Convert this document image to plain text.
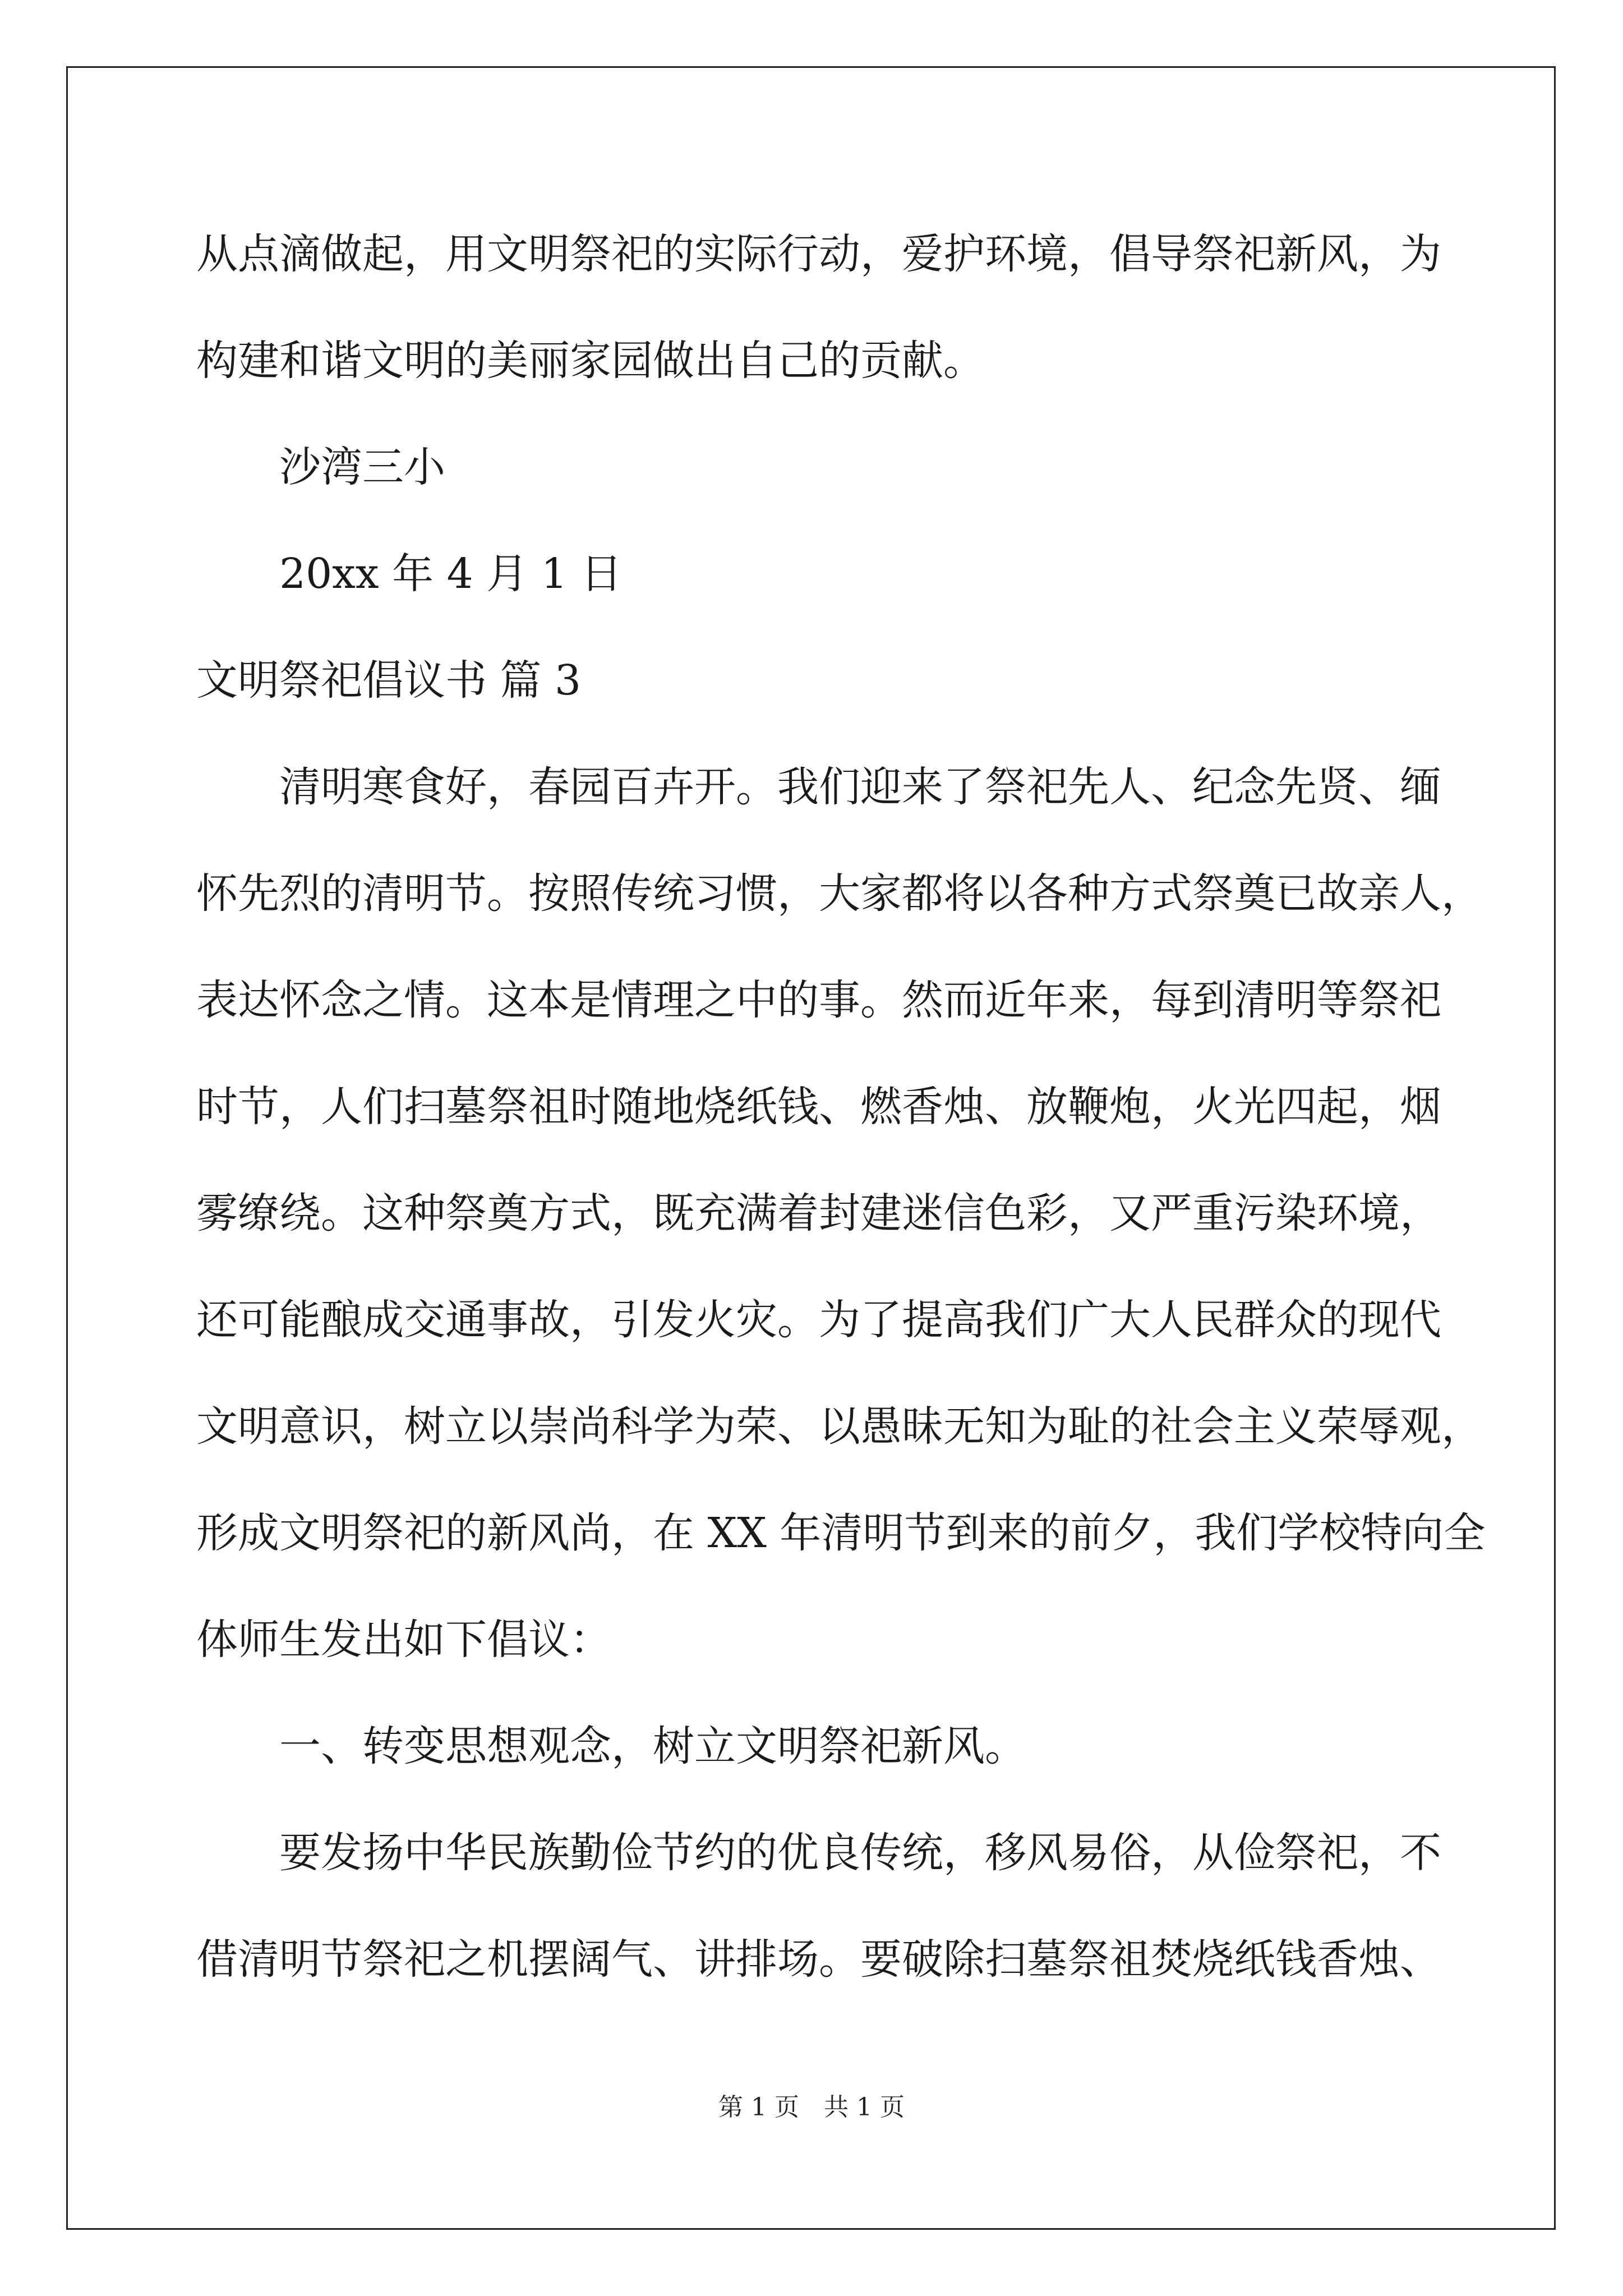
从点滴做起，用文明祭祀的实际行动，爱护环境，倡导祭祀新风，为
构建和谐文明的美丽家园做出自己的贡献。
沙湾三小
20xx 年 4 月 1 日
文明祭祀倡议书 篇 3
清明寒食好，春园百卉开。我们迎来了祭祀先人、纪念先贤、缅
怀先烈的清明节。按照传统习惯，大家都将以各种方式祭奠已故亲人，
表达怀念之情。这本是情理之中的事。然而近年来，每到清明等祭祀
时节，人们扫墓祭祖时随地烧纸钱、燃香烛、放鞭炮，火光四起，烟
雾缭绕。这种祭奠方式，既充满着封建迷信色彩，又严重污染环境，
还可能酿成交通事故，引发火灾。为了提高我们广大人民群众的现代
文明意识，树立以崇尚科学为荣、以愚昧无知为耻的社会主义荣辱观，
形成文明祭祀的新风尚，在 XX 年清明节到来的前夕，我们学校特向全
体师生发出如下倡议：
一、转变思想观念，树立文明祭祀新风。
要发扬中华民族勤俭节约的优良传统，移风易俗，从俭祭祀，不
借清明节祭祀之机摆阔气、讲排场。要破除扫墓祭祖焚烧纸钱香烛、
第 1 页　共 1 页
